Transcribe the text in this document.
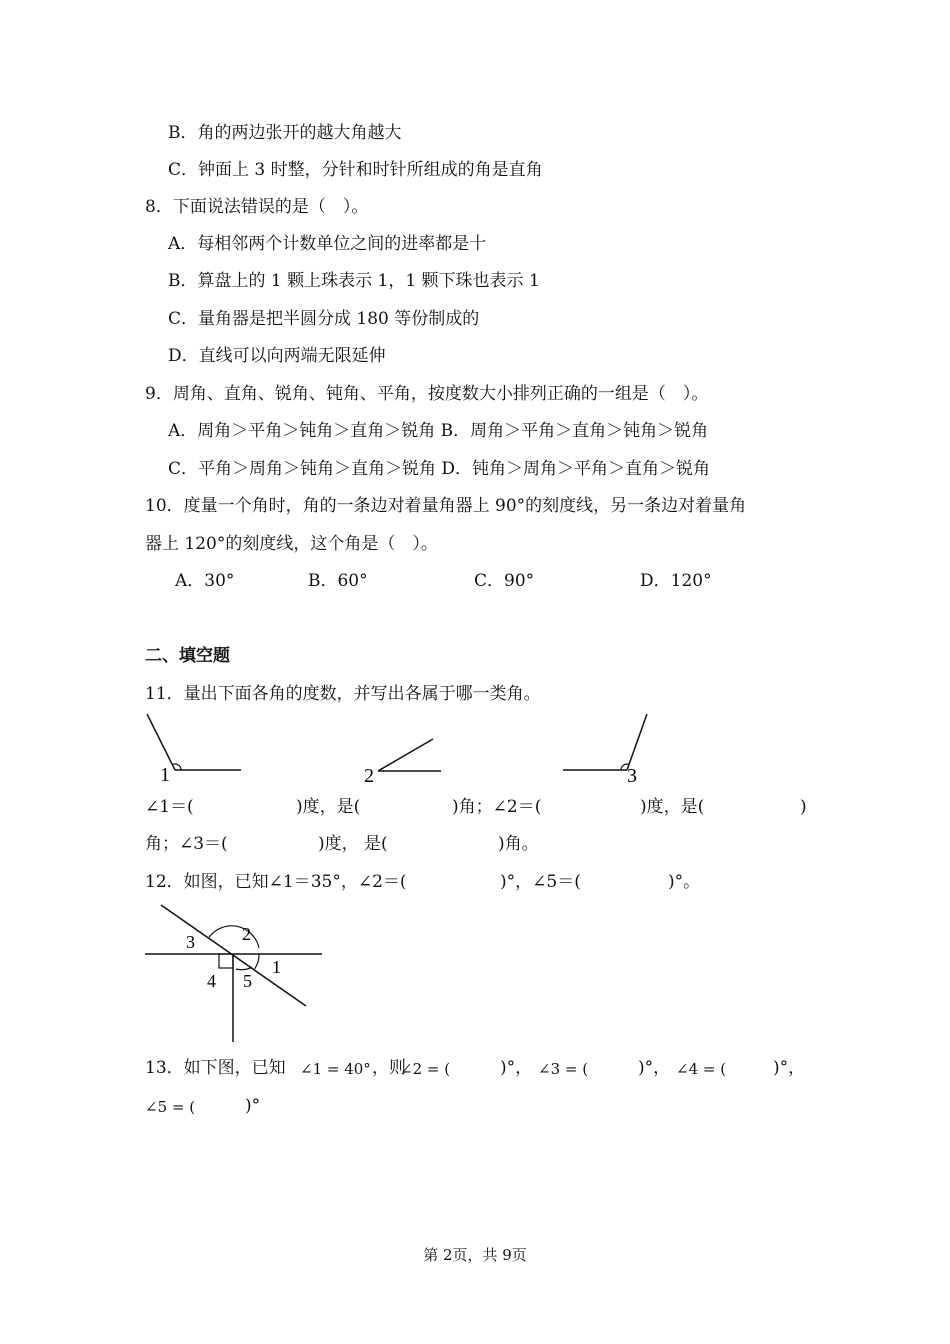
B．角的两边张开的越大角越大
C．钟面上 3 时整，分针和时针所组成的角是直角
8．下面说法错误的是（　）。
A．每相邻两个计数单位之间的进率都是十
B．算盘上的 1 颗上珠表示 1，1 颗下珠也表示 1
C．量角器是把半圆分成 180 等份制成的
D．直线可以向两端无限延伸
9．周角、直角、锐角、钝角、平角，按度数大小排列正确的一组是（　）。
A．周角＞平角＞钝角＞直角＞锐角 B．周角＞平角＞直角＞钝角＞锐角
C．平角＞周角＞钝角＞直角＞锐角 D．钝角＞周角＞平角＞直角＞锐角
10．度量一个角时，角的一条边对着量角器上 90°的刻度线，另一条边对着量角
器上 120°的刻度线，这个角是（　）。
A．30°	B．60°	C．90°	D．120°
二、填空题
11．量出下面各角的度数，并写出各属于哪一类角。
1	2	3
∠1＝(	)度，是(	)角；∠2＝(	)度，是(	)
角；∠3＝(	)度， 是(	)角。
12．如图，已知∠1＝35°，∠2＝(	)°，∠5＝(	)°。
3	2
1
4 5
13．如下图，已知 ∠1 = 40° ，则
∠2 = (	)°， ∠3 = (	)°， ∠4 = (	)°，
∠5 = (	)°
第 2页，共 9页
